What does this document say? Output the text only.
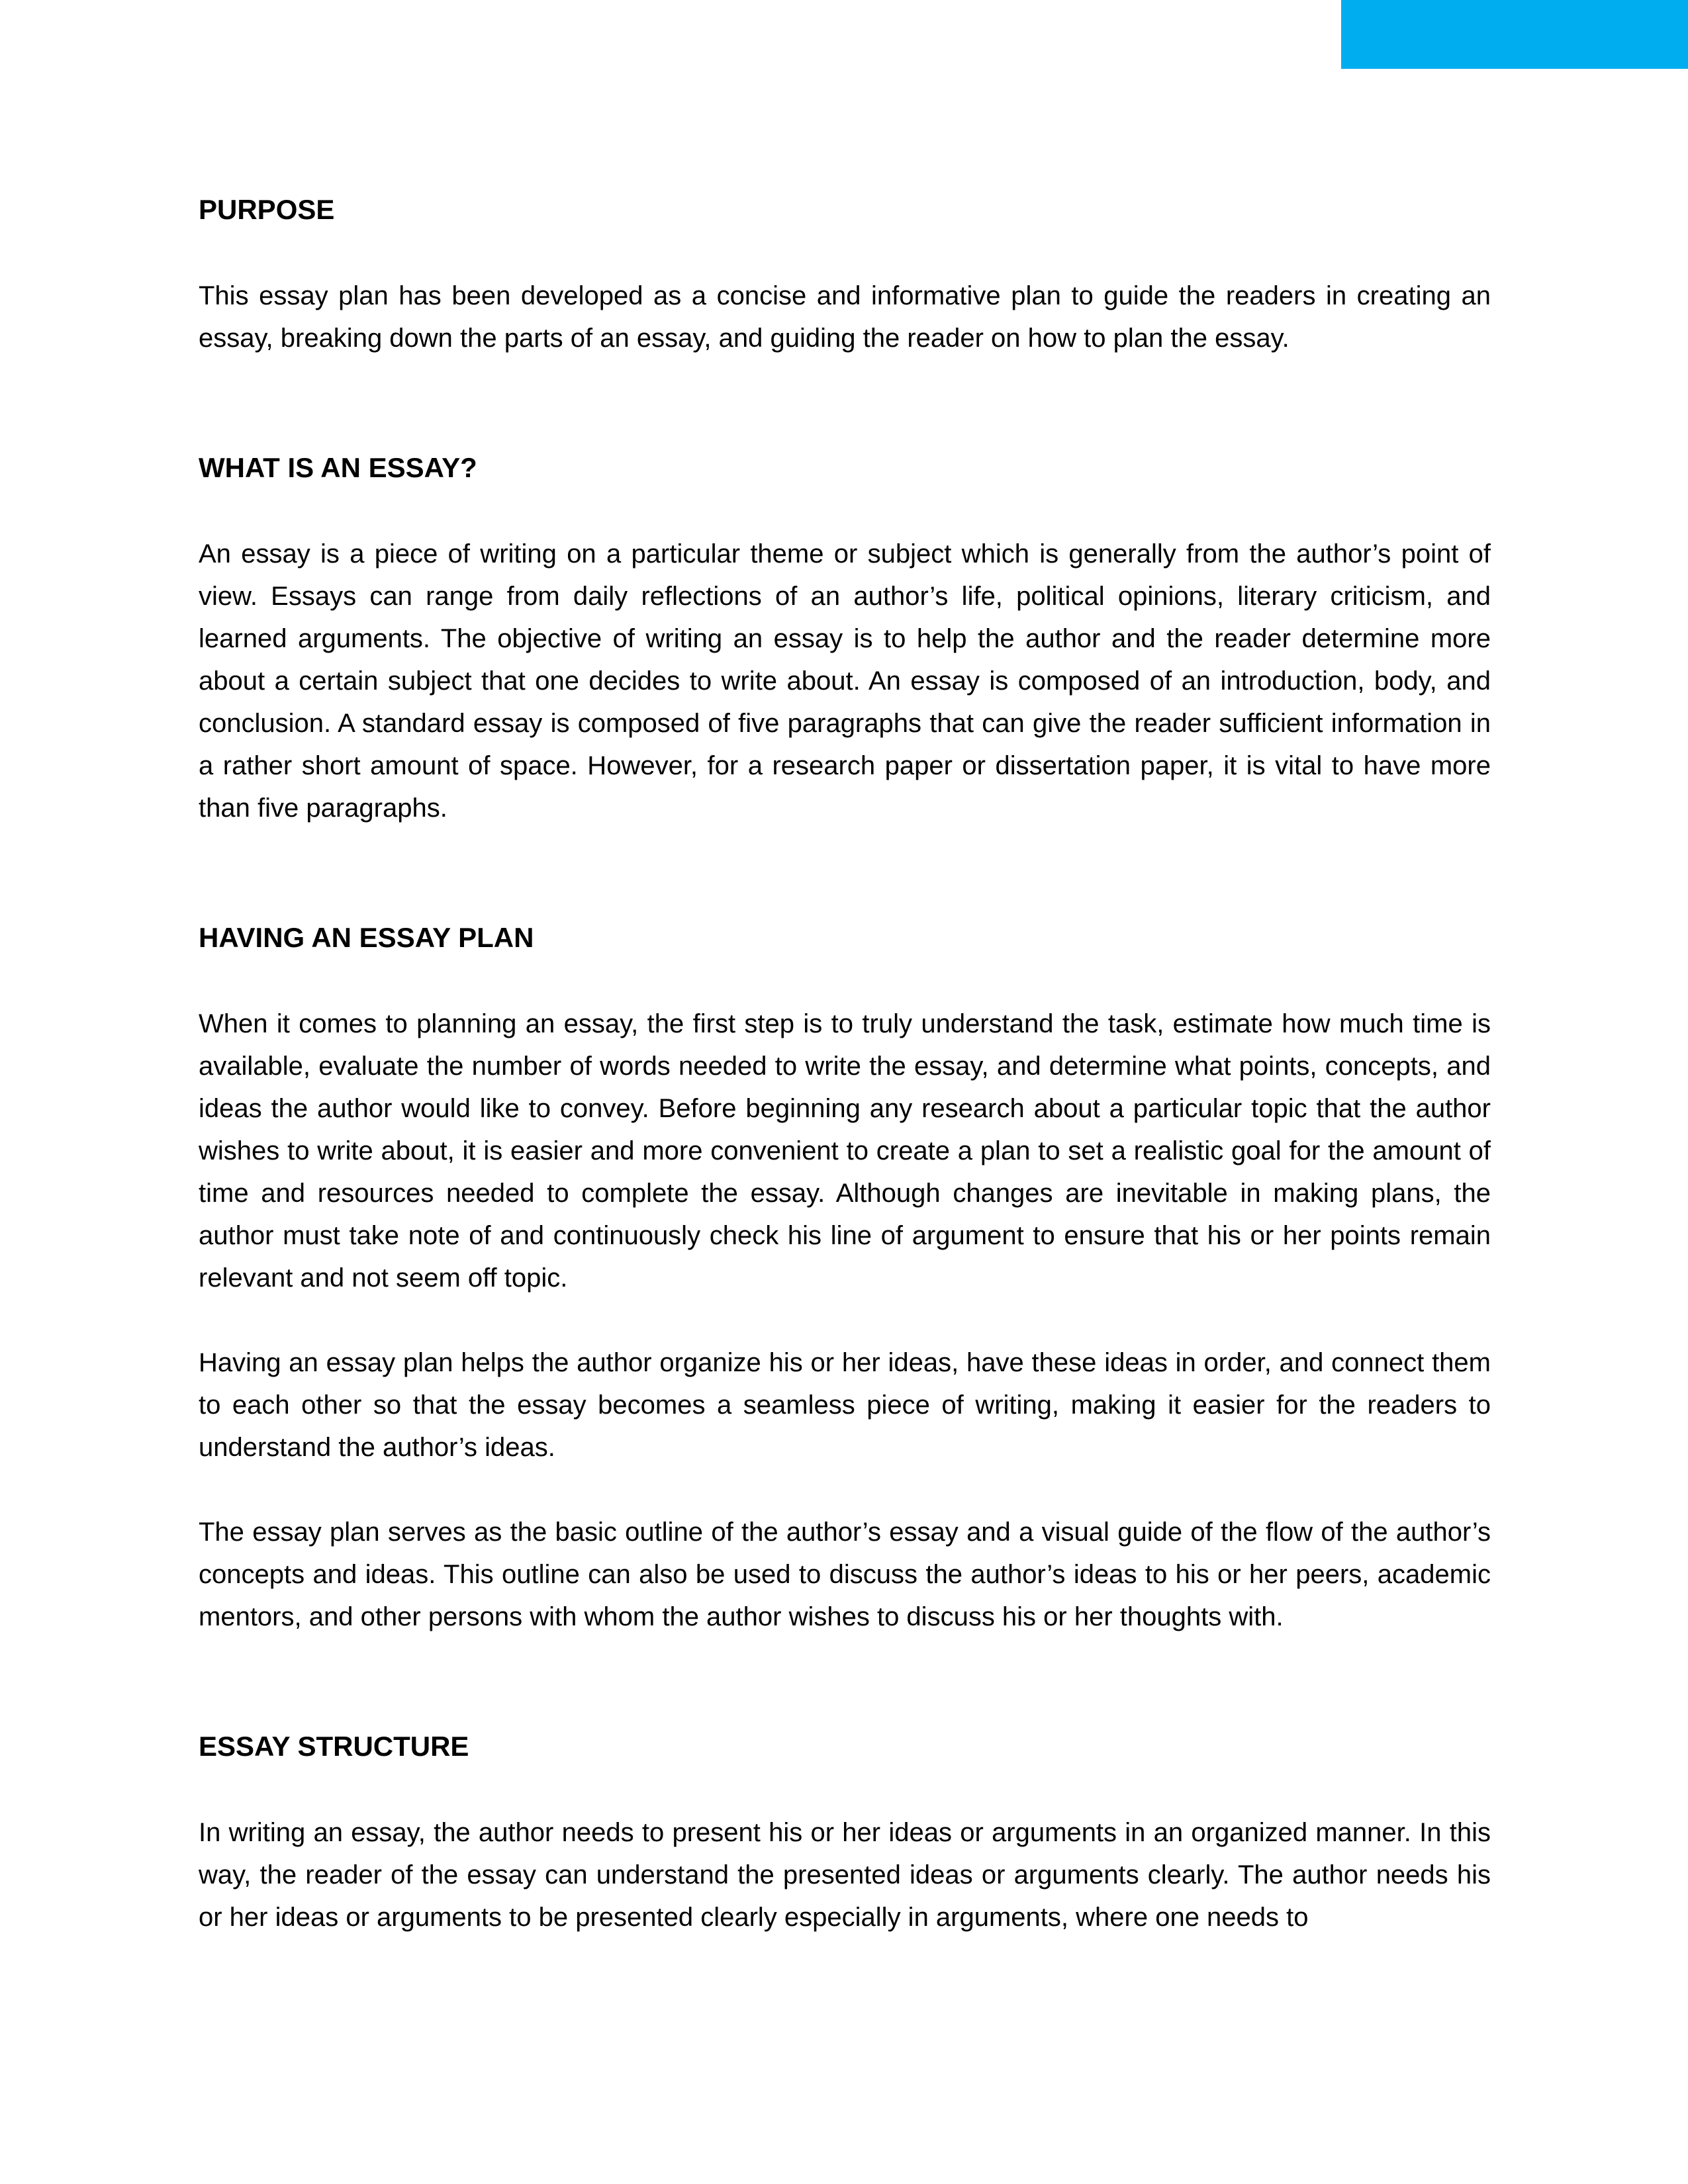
PURPOSE

This essay plan has been developed as a concise and informative plan to guide the readers in creating an essay, breaking down the parts of an essay, and guiding the reader on how to plan the essay.

WHAT IS AN ESSAY?

An essay is a piece of writing on a particular theme or subject which is generally from the author’s point of view. Essays can range from daily reflections of an author’s life, political opinions, literary criticism, and learned arguments. The objective of writing an essay is to help the author and the reader determine more about a certain subject that one decides to write about. An essay is composed of an introduction, body, and conclusion. A standard essay is composed of five paragraphs that can give the reader sufficient information in a rather short amount of space. However, for a research paper or dissertation paper, it is vital to have more than five paragraphs.

HAVING AN ESSAY PLAN

When it comes to planning an essay, the first step is to truly understand the task, estimate how much time is available, evaluate the number of words needed to write the essay, and determine what points, concepts, and ideas the author would like to convey. Before beginning any research about a particular topic that the author wishes to write about, it is easier and more convenient to create a plan to set a realistic goal for the amount of time and resources needed to complete the essay. Although changes are inevitable in making plans, the author must take note of and continuously check his line of argument to ensure that his or her points remain relevant and not seem off topic.

Having an essay plan helps the author organize his or her ideas, have these ideas in order, and connect them to each other so that the essay becomes a seamless piece of writing, making it easier for the readers to understand the author’s ideas.

The essay plan serves as the basic outline of the author’s essay and a visual guide of the flow of the author’s concepts and ideas. This outline can also be used to discuss the author’s ideas to his or her peers, academic mentors, and other persons with whom the author wishes to discuss his or her thoughts with.

ESSAY STRUCTURE

In writing an essay, the author needs to present his or her ideas or arguments in an organized manner. In this way, the reader of the essay can understand the presented ideas or arguments clearly. The author needs his or her ideas or arguments to be presented clearly especially in arguments, where one needs to
